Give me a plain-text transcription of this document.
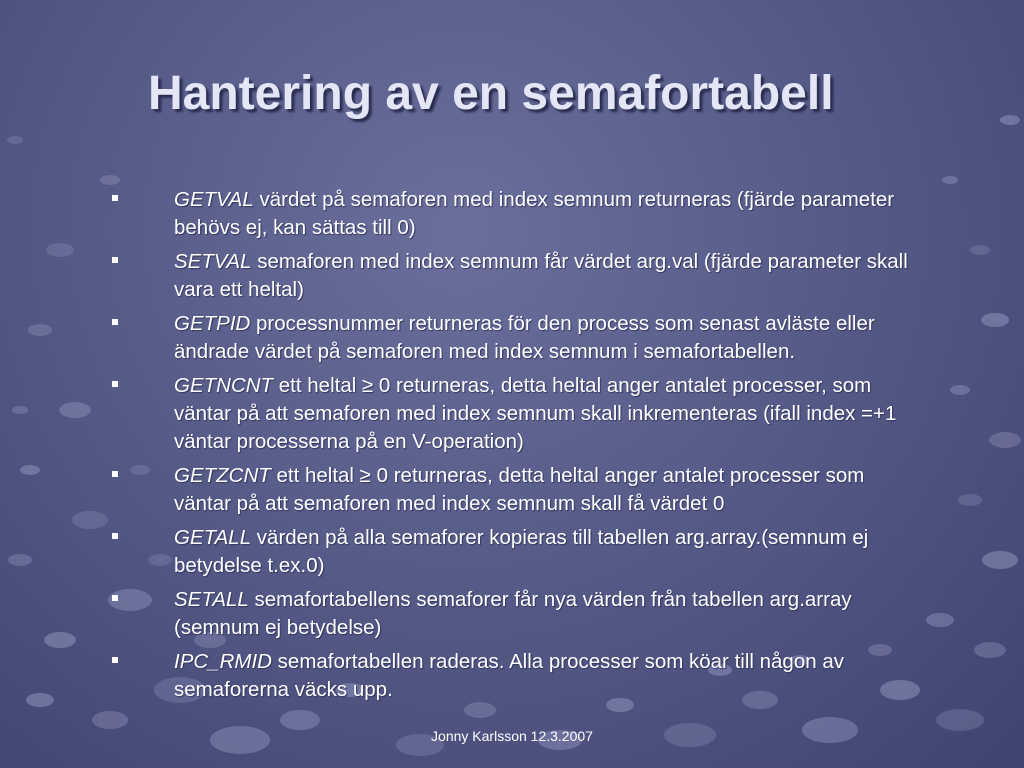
Hantering av en semafortabell
GETVAL värdet på semaforen med index semnum returneras (fjärde parameter behövs ej, kan sättas till 0)
SETVAL semaforen med index semnum får värdet arg.val (fjärde parameter skall vara ett heltal)
GETPID processnummer returneras för den process som senast avläste eller ändrade värdet på semaforen med index semnum i semafortabellen.
GETNCNT ett heltal ≥ 0 returneras, detta heltal anger antalet processer, som väntar på att semaforen med index semnum skall inkrementeras (ifall index =+1 väntar processerna på en V-operation)
GETZCNT ett heltal ≥ 0 returneras, detta heltal anger antalet processer som väntar på att semaforen med index semnum skall få värdet 0
GETALL värden på alla semaforer kopieras till tabellen arg.array.(semnum ej betydelse t.ex.0)
SETALL semafortabellens semaforer får nya värden från tabellen arg.array (semnum ej betydelse)
IPC_RMID semafortabellen raderas. Alla processer som köar till någon av semaforerna väcks upp.
Jonny Karlsson 12.3.2007
